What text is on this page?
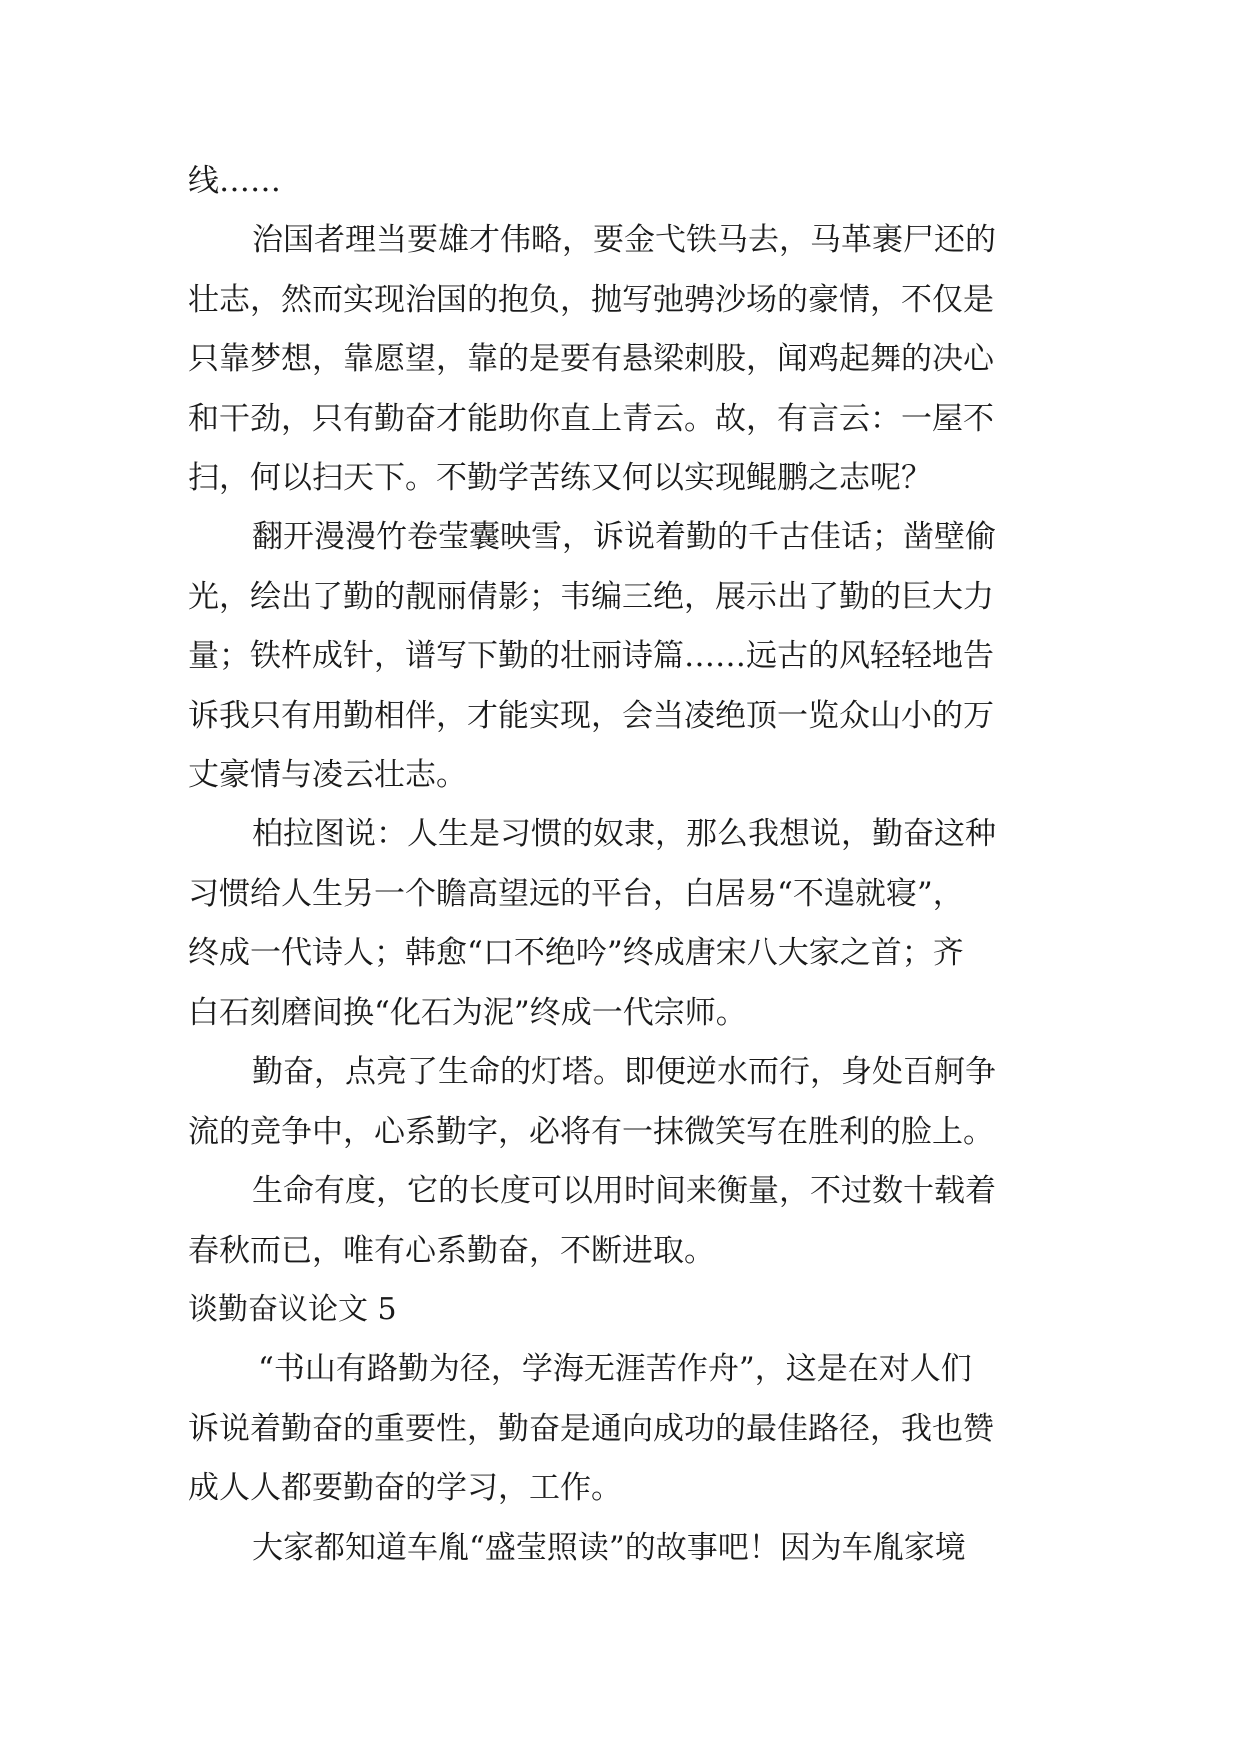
线……
治国者理当要雄才伟略，要金弋铁马去，马革裹尸还的
壮志，然而实现治国的抱负，抛写弛骋沙场的豪情，不仅是
只靠梦想，靠愿望，靠的是要有悬梁刺股，闻鸡起舞的决心
和干劲，只有勤奋才能助你直上青云。故，有言云：一屋不
扫，何以扫天下。不勤学苦练又何以实现鲲鹏之志呢？
翻开漫漫竹卷莹囊映雪，诉说着勤的千古佳话；凿壁偷
光，绘出了勤的靓丽倩影；韦编三绝，展示出了勤的巨大力
量；铁杵成针，谱写下勤的壮丽诗篇……远古的风轻轻地告
诉我只有用勤相伴，才能实现，会当凌绝顶一览众山小的万
丈豪情与凌云壮志。
柏拉图说：人生是习惯的奴隶，那么我想说，勤奋这种
习惯给人生另一个瞻高望远的平台，白居易“不遑就寝”，
终成一代诗人；韩愈“口不绝吟”终成唐宋八大家之首；齐
白石刻磨间换“化石为泥”终成一代宗师。
勤奋，点亮了生命的灯塔。即便逆水而行，身处百舸争
流的竞争中，心系勤字，必将有一抹微笑写在胜利的脸上。
生命有度，它的长度可以用时间来衡量，不过数十载着
春秋而已，唯有心系勤奋，不断进取。
谈勤奋议论文 5
“书山有路勤为径，学海无涯苦作舟”，这是在对人们
诉说着勤奋的重要性，勤奋是通向成功的最佳路径，我也赞
成人人都要勤奋的学习，工作。
大家都知道车胤“盛莹照读”的故事吧！因为车胤家境
